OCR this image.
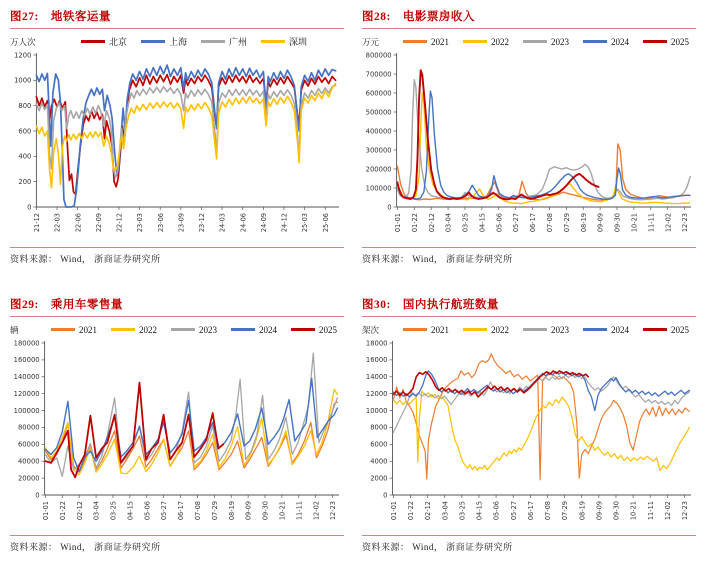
图27: 地铁客运量
万人次	北京	上海	广州	深圳
0
200
400
600
800
1000
1200
21-12 22-03 22-06 22-09 22-12 23-03 23-06 23-09 23-12 24-03 24-06 24-09 24-12 25-03 25-06
资料来源： Wind， 浙商证券研究所
图28: 电影票房收入
万元	2021	2022	2023	2024	2025
0
100000
200000
300000
400000
500000
600000
700000
800000
01-01 01-22 02-12 03-04 03-25 04-15 05-06 05-27 06-17 07-08 07-29 08-19 09-09 09-30 10-21 11-11 12-02 12-23
资料来源： Wind， 浙商证券研究所
图29: 乘用车零售量
辆	2021	2022	2023	2024	2025
0
20000
40000
60000
80000
100000
120000
140000
160000
180000
01-01 01-22 02-12 03-04 03-25 04-15 05-06 05-27 06-17 07-08 07-29 08-19 09-09 09-30 10-21 11-11 12-02 12-23
资料来源： Wind， 浙商证券研究所
图30: 国内执行航班数量
架次	2021	2022	2023	2024	2025
0
2000
4000
6000
8000
10000
12000
14000
16000
18000
01-01 01-22 02-12 03-04 03-25 04-15 05-06 05-27 06-17 07-08 07-29 08-19 09-09 09-30 10-21 11-11 12-02 12-23
资料来源： Wind， 浙商证券研究所
